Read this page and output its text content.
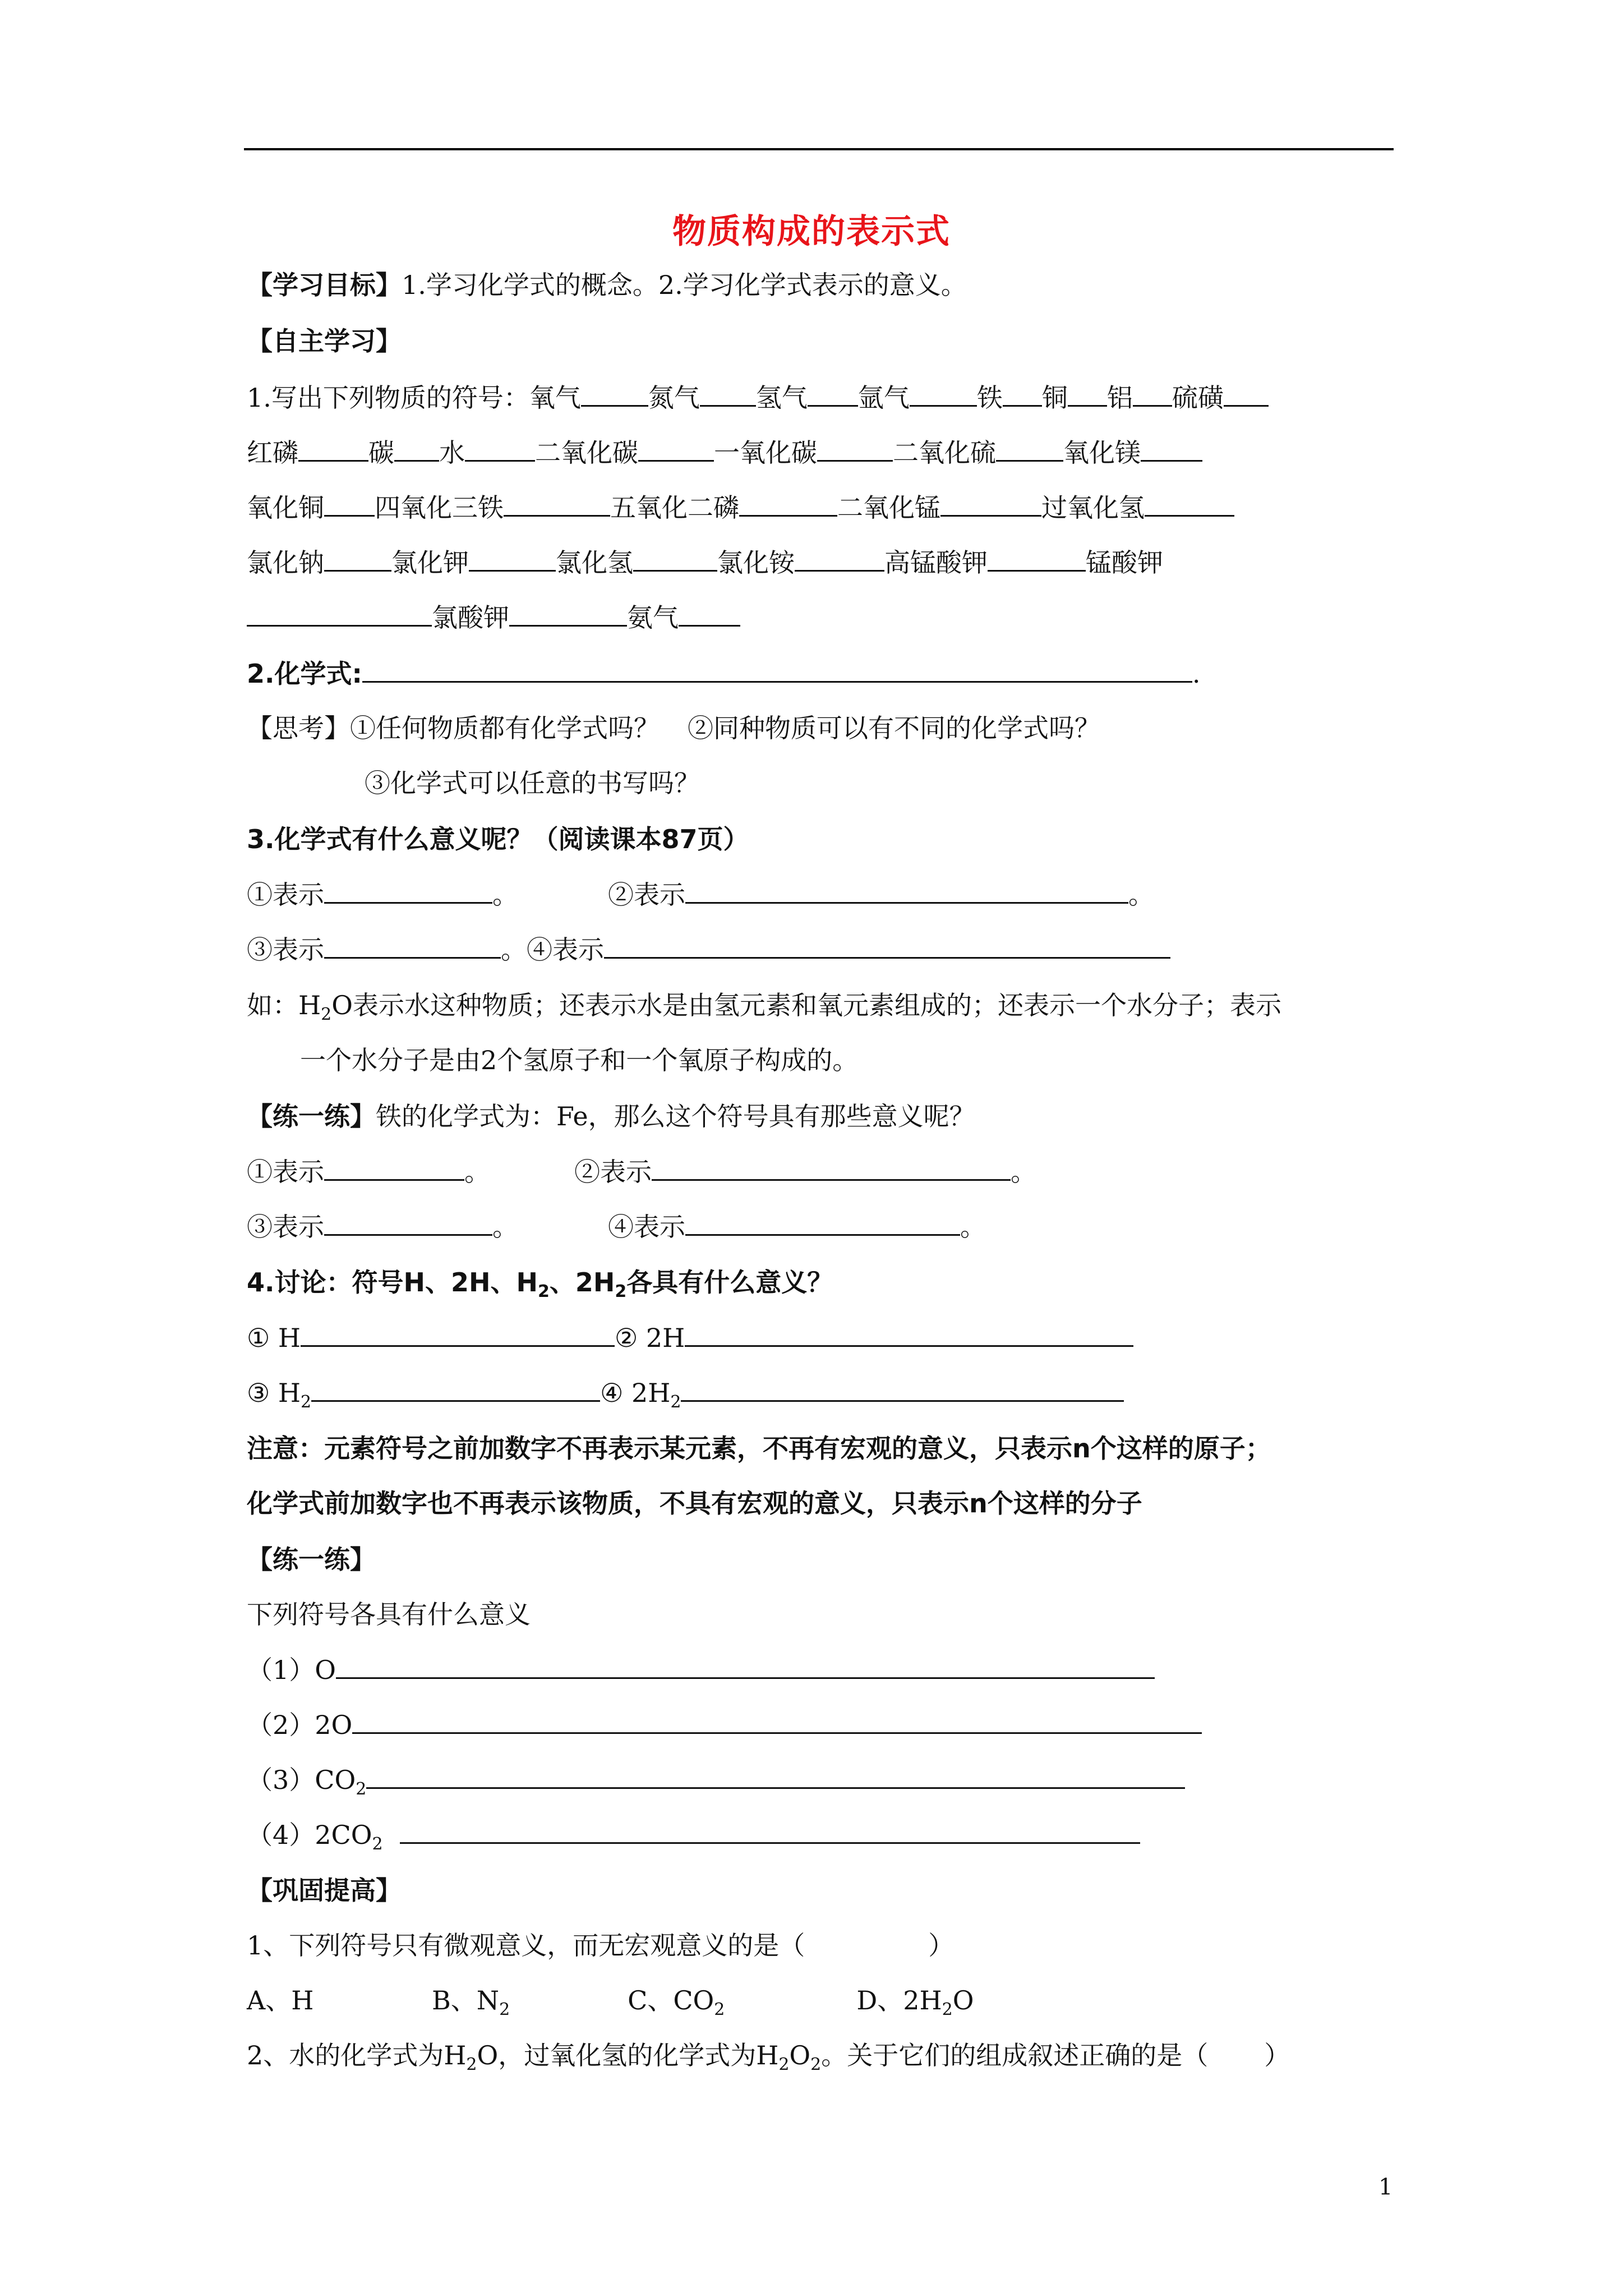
物质构成的表示式
【学习目标】1.学习化学式的概念。2.学习化学式表示的意义。
【自主学习】
1.写出下列物质的符号：氧气	氮气 氢气 氩气	铁 铜 铝 硫磺
红磷	碳 水	二氧化碳	一氧化碳	二氧化硫	氧化镁
氧化铜 四氧化三铁	五氧化二磷	二氧化锰	过氧化氢
氯化钠	氯化钾	氯化氢	氯化铵	高锰酸钾	锰酸钾
氯酸钾	氨气
2.化学式:	.
【思考】①任何物质都有化学式吗？ ②同种物质可以有不同的化学式吗？
③化学式可以任意的书写吗？
3.化学式有什么意义呢？（阅读课本87页）
①表示	。	②表示	。
③表示	。④表示
如：$H_2O$表示水这种物质；还表示水是由氢元素和氧元素组成的；还表示一个水分子；表示
一个水分子是由2个氢原子和一个氧原子构成的。
【练一练】铁的化学式为：Fe，那么这个符号具有那些意义呢？
①表示	。	②表示	。
③表示	。	④表示	。
4.讨论：符号H、2H、$H_2$、$2H_2$各具有什么意义？
① H	② 2H
③ $H_2$	④ $2H_2$
注意：元素符号之前加数字不再表示某元素，不再有宏观的意义，只表示n个这样的原子；
化学式前加数字也不再表示该物质，不具有宏观的意义，只表示n个这样的分子
【练一练】
下列符号各具有什么意义
（1）O
（2）2O
$(3)CO_2$
$(4)2CO_2$
【巩固提高】
1、下列符号只有微观意义，而无宏观意义的是（	）
A、H	B、$N_2$	C、$CO_2$	D、$2H_2O$
2、水的化学式为$H_2O$，过氧化氢的化学式为$H_2O_2$。关于它们的组成叙述正确的是（ ）
1
